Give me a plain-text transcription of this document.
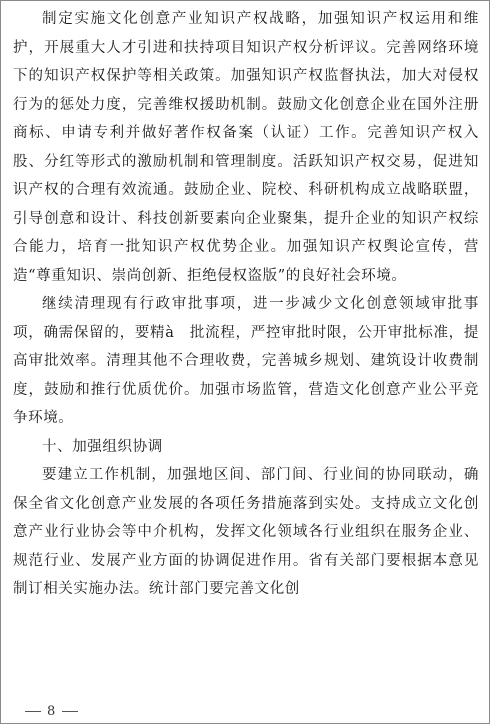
制定实施文化创意产业知识产权战略，加强知识产权运用和维护，开展重大人才引进和扶持项目知识产权分析评议。完善网络环境下的知识产权保护等相关政策。加强知识产权监督执法，加大对侵权行为的惩处力度，完善维权援助机制。鼓励文化创意企业在国外注册商标、申请专利并做好著作权备案（认证）工作。完善知识产权入股、分红等形式的激励机制和管理制度。活跃知识产权交易，促进知识产权的合理有效流通。鼓励企业、院校、科研机构成立战略联盟，引导创意和设计、科技创新要素向企业聚集，提升企业的知识产权综合能力，培育一批知识产权优势企业。加强知识产权舆论宣传，营造“尊重知识、崇尚创新、拒绝侵权盗版”的良好社会环境。

继续清理现有行政审批事项，进一步减少文化创意领域审批事项，确需保留的，要精à　批流程，严控审批时限，公开审批标准，提高审批效率。清理其他不合理收费，完善城乡规划、建筑设计收费制度，鼓励和推行优质优价。加强市场监管，营造文化创意产业公平竞争环境。

十、加强组织协调

要建立工作机制，加强地区间、部门间、行业间的协同联动，确保全省文化创意产业发展的各项任务措施落到实处。支持成立文化创意产业行业协会等中介机构，发挥文化领域各行业组织在服务企业、规范行业、发展产业方面的协调促进作用。省有关部门要根据本意见制订相关实施办法。统计部门要完善文化创

8
